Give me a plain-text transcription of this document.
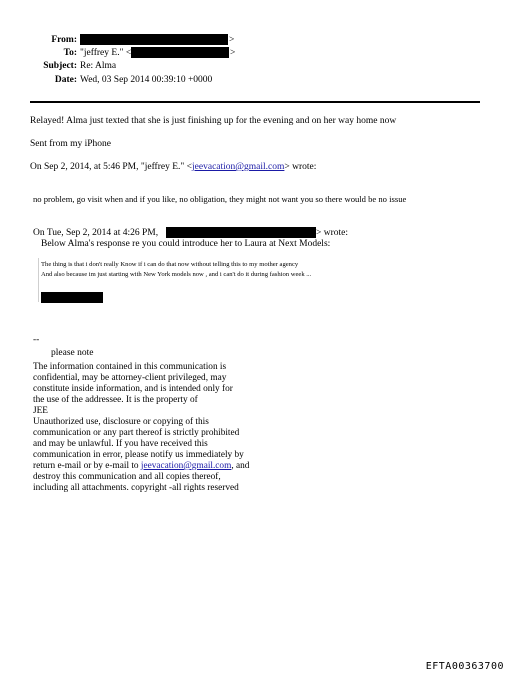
From:	>
To: "jeffrey E." <	>
Subject: Re: Alma
Date: Wed, 03 Sep 2014 00:39:10 +0000
Relayed! Alma just texted that she is just finishing up for the evening and on her way home now
Sent from my iPhone
On Sep 2, 2014, at 5:46 PM, "jeffrey E." <jeevacation@gmail.com> wrote:
no problem, go visit when and if you like, no obligation, they might not want you so there would be no issue
On Tue, Sep 2, 2014 at 4:26 PM,	> wrote:
Below Alma's response re you could introduce her to Laura at Next Models:
The thing is that i don't really Know if i can do that now without telling this to my mother agency
And also because im just starting with New York models now , and i can't do it during fashion week ...
--
please note
The information contained in this communication is
confidential, may be attorney-client privileged, may
constitute inside information, and is intended only for
the use of the addressee. It is the property of
JEE
Unauthorized use, disclosure or copying of this
communication or any part thereof is strictly prohibited
and may be unlawful. If you have received this
communication in error, please notify us immediately by
return e-mail or by e-mail to jeevacation@gmail.com, and
destroy this communication and all copies thereof,
including all attachments. copyright -all rights reserved
EFTA00363700
